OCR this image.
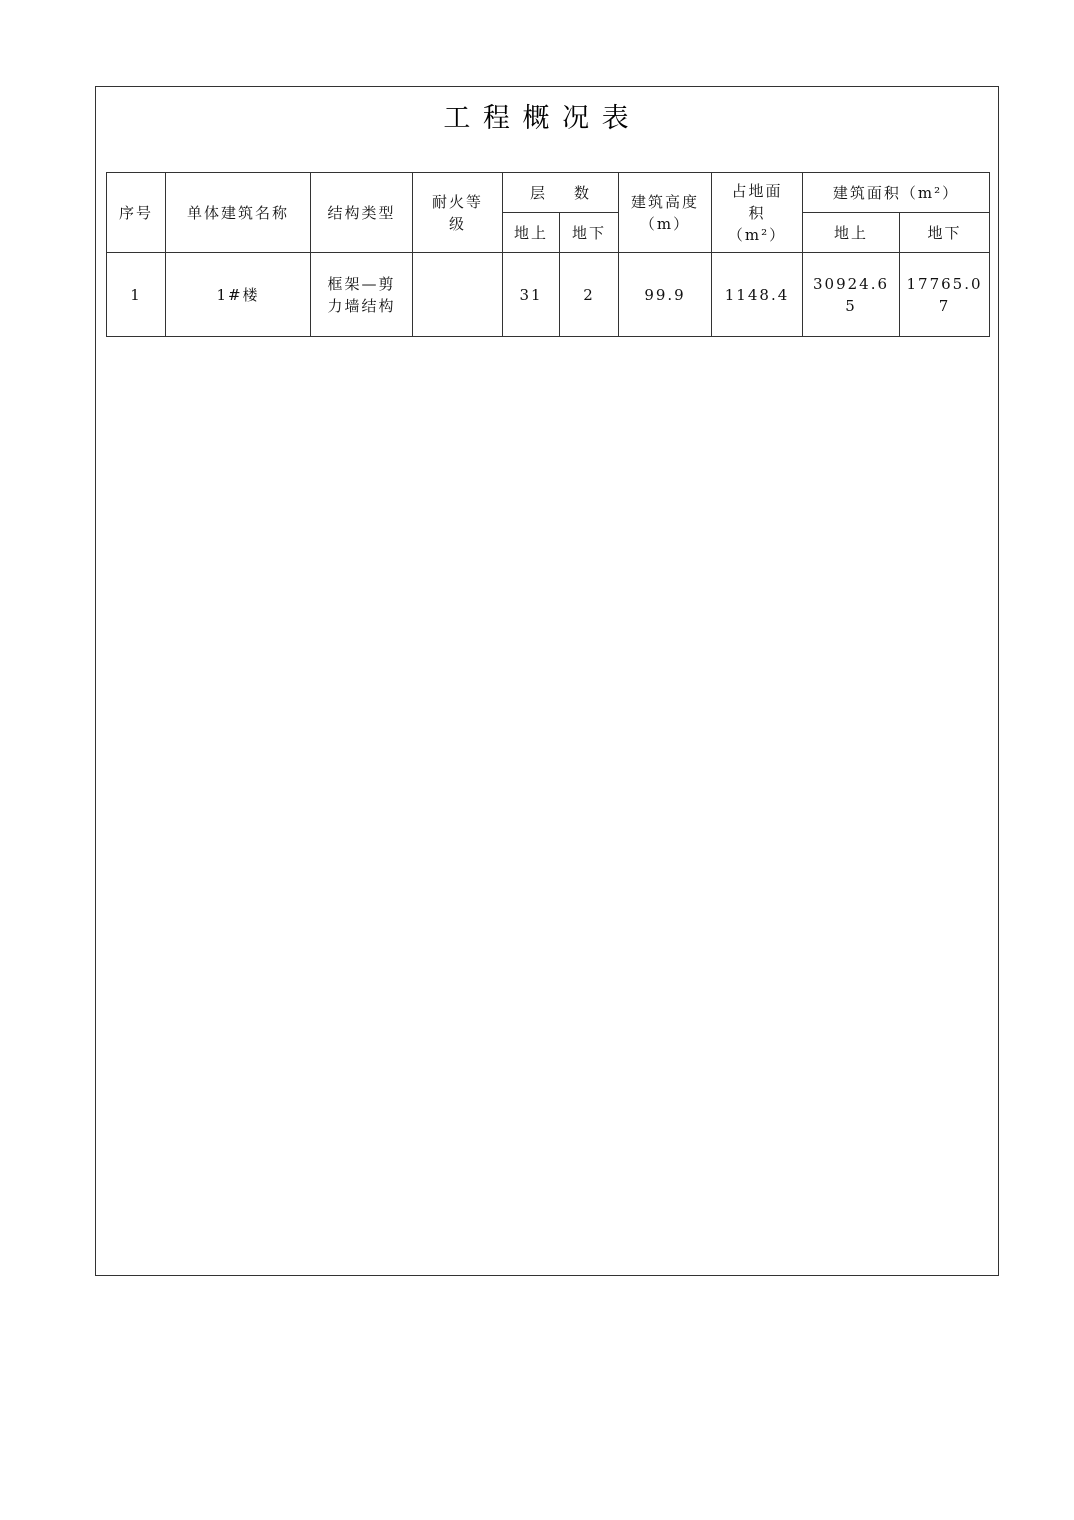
工 程 概 况 表
序号	单体建筑名称	结构类型	耐火等级	层    数		建筑高度（m）	占地面积（m²）	建筑面积（m²）	
				地上	地下			地上	地下
1	1#楼	框架—剪力墙结构		31	2	99.9	1148.4	30924.65	17765.07
